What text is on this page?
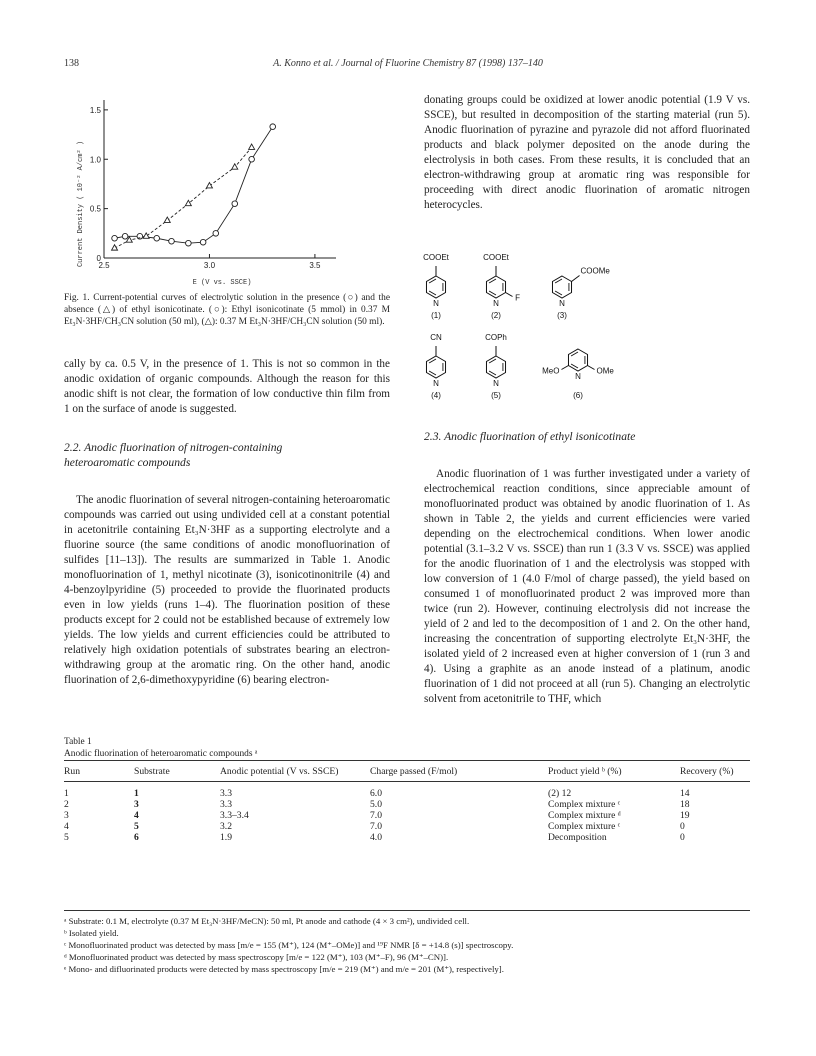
138	A. Konno et al. / Journal of Fluorine Chemistry 87 (1998) 137–140
0
0.5
1.0
1.5
2.5	3.0	3.5
Current Density ( 10⁻² A/cm² )
E (V vs. SSCE)
Fig. 1. Current-potential curves of electrolytic solution in the presence (○) and the absence (△) of ethyl isonicotinate. (○): Ethyl isonicotinate (5 mmol) in 0.37 M Et₃N·3HF/CH₃CN solution (50 ml), (△): 0.37 M Et₃N·3HF/CH₃CN solution (50 ml).

cally by ca. 0.5 V, in the presence of 1. This is not so common in the anodic oxidation of organic compounds. Although the reason for this anodic shift is not clear, the formation of low conductive thin film from 1 on the surface of anode is suggested.

2.2. Anodic fluorination of nitrogen-containing heteroaromatic compounds

The anodic fluorination of several nitrogen-containing heteroaromatic compounds was carried out using undivided cell at a constant potential in acetonitrile containing Et₃N·3HF as a supporting electrolyte and a fluorine source (the same conditions of anodic monofluorination of sulfides [11–13]). The results are summarized in Table 1. Anodic monofluorination of 1, methyl nicotinate (3), isonicotinonitrile (4) and 4-benzoylpyridine (5) proceeded to provide the fluorinated products even in low yields (runs 1–4). The fluorination position of these products except for 2 could not be established because of extremely low yields. The low yields and current efficiencies could be attributed to relatively high oxidation potentials of substrates bearing an electron-withdrawing group at the aromatic ring. On the other hand, anodic fluorination of 2,6-dimethoxypyridine (6) bearing electron-

donating groups could be oxidized at lower anodic potential (1.9 V vs. SSCE), but resulted in decomposition of the starting material (run 5). Anodic fluorination of pyrazine and pyrazole did not afford fluorinated products and black polymer deposited on the anode during the electrolysis in both cases. From these results, it is concluded that an electron-withdrawing group at aromatic ring was responsible for proceeding with direct anodic fluorination of aromatic nitrogen heterocycles.

COOEt
N
(1)
COOEt
N
F
(2)
COOMe
N
(3)
CN
N
(4)
COPh
N
(5)
N
MeO	OMe
(6)

2.3. Anodic fluorination of ethyl isonicotinate

Anodic fluorination of 1 was further investigated under a variety of electrochemical reaction conditions, since appreciable amount of monofluorinated product was obtained by anodic fluorination of 1. As shown in Table 2, the yields and current efficiencies were varied depending on the electrochemical conditions. When lower anodic potential (3.1–3.2 V vs. SSCE) than run 1 (3.3 V vs. SSCE) was applied for the anodic fluorination of 1 and the electrolysis was stopped with low conversion of 1 (4.0 F/mol of charge passed), the yield based on consumed 1 of monofluorinated product 2 was improved more than twice (run 2). However, continuing electrolysis did not increase the yield of 2 and led to the decomposition of 1 and 2. On the other hand, increasing the concentration of supporting electrolyte Et₃N·3HF, the isolated yield of 2 increased even at higher conversion of 1 (run 3 and 4). Using a graphite as an anode instead of a platinum, anodic fluorination of 1 did not proceed at all (run 5). Changing an electrolytic solvent from acetonitrile to THF, which

Table 1
Anodic fluorination of heteroaromatic compounds ᵃ
Run	Substrate	Anodic potential (V vs. SSCE)	Charge passed (F/mol)	Product yield ᵇ (%)	Recovery (%)

1	1	3.3	6.0	(2) 12	14
2	3	3.3	5.0	Complex mixture ᶜ	18
3	4	3.3–3.4	7.0	Complex mixture ᵈ	19
4	5	3.2	7.0	Complex mixture ᶜ	0
5	6	1.9	4.0	Decomposition	0
ᵃ Substrate: 0.1 M, electrolyte (0.37 M Et₃N·3HF/MeCN): 50 ml, Pt anode and cathode (4 × 3 cm²), undivided cell.
ᵇ Isolated yield.
ᶜ Monofluorinated product was detected by mass [m/e = 155 (M⁺), 124 (M⁺–OMe)] and ¹⁹F NMR [δ = +14.8 (s)] spectroscopy.
ᵈ Monofluorinated product was detected by mass spectroscopy [m/e = 122 (M⁺), 103 (M⁺–F), 96 (M⁺–CN)].
ᵉ Mono- and difluorinated products were detected by mass spectroscopy [m/e = 219 (M⁺) and m/e = 201 (M⁺), respectively].
